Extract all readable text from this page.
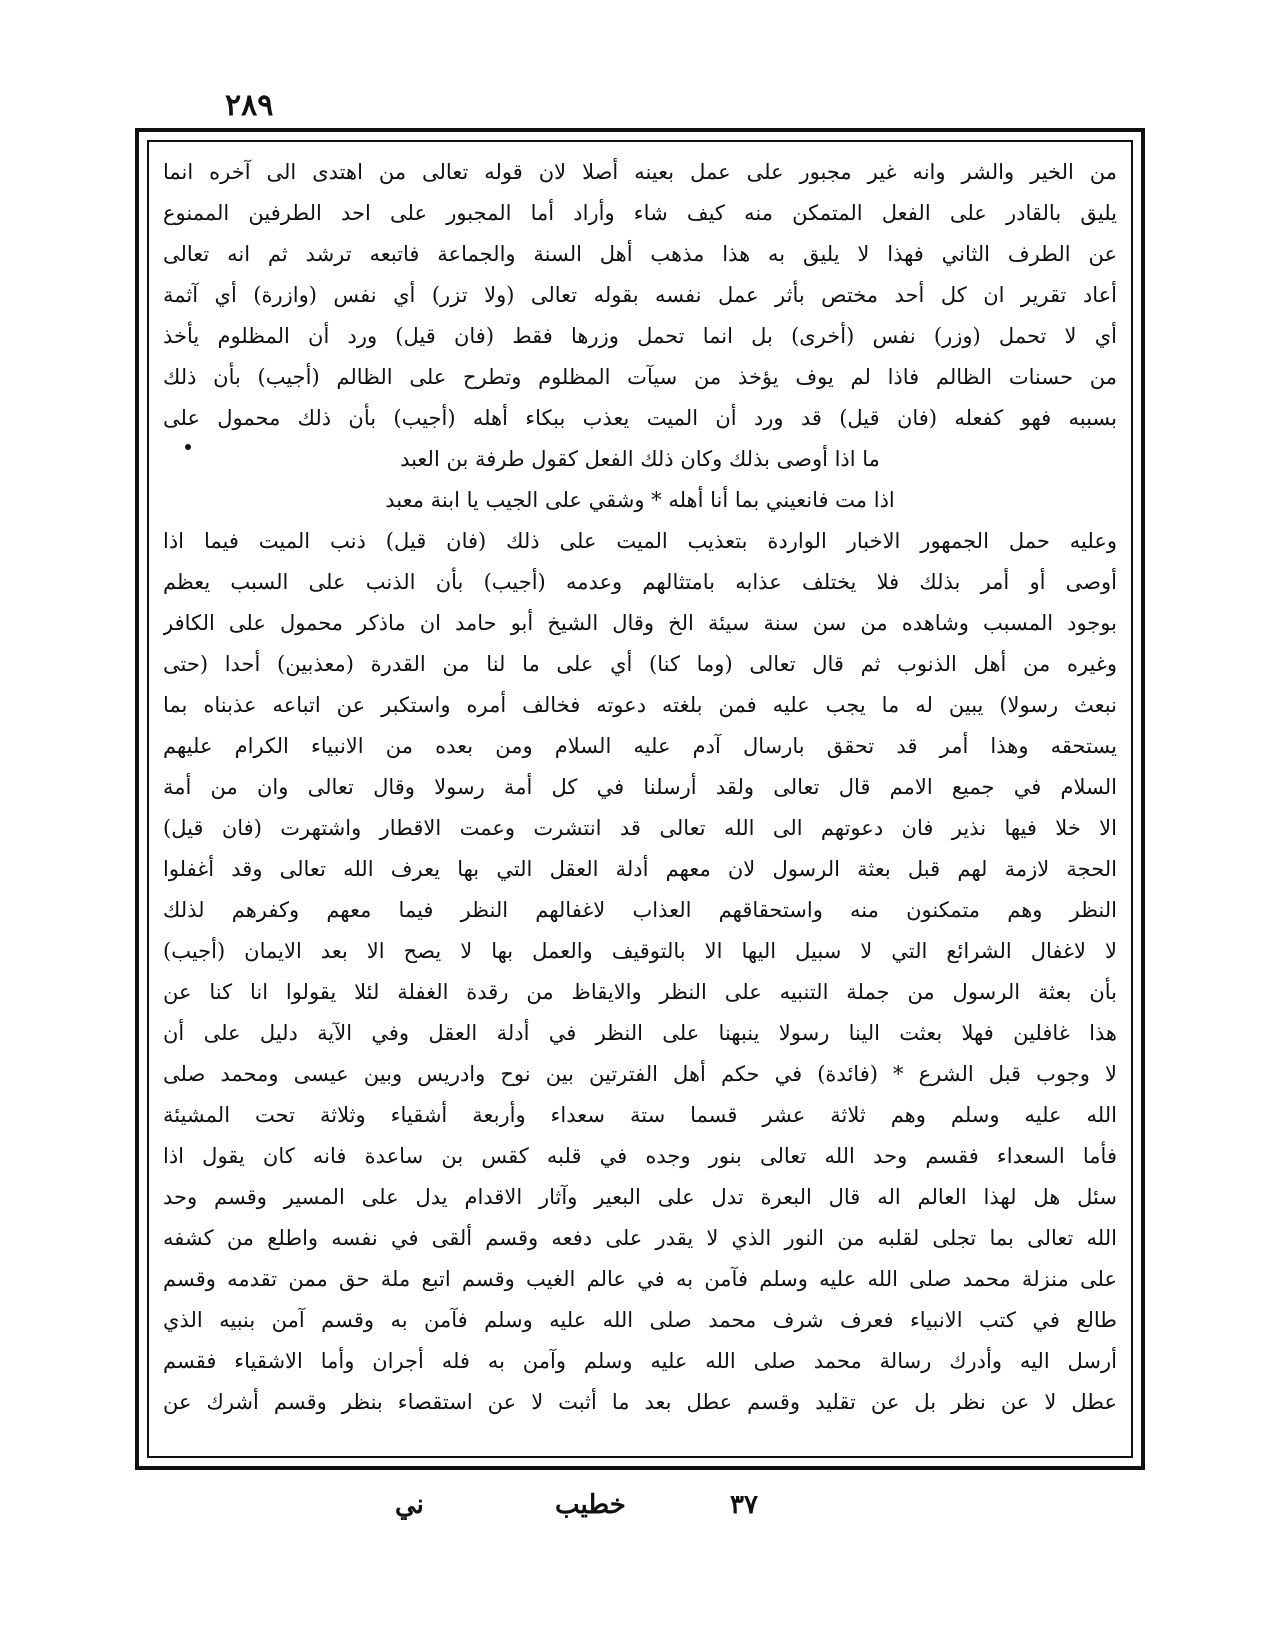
٢٨٩
من الخير والشر وانه غير مجبور على عمل بعينه أصلا لان قوله تعالى من اهتدى الى آخره انما
يليق بالقادر على الفعل المتمكن منه كيف شاء وأراد أما المجبور على احد الطرفين الممنوع
عن الطرف الثاني فهذا لا يليق به هذا مذهب أهل السنة والجماعة فاتبعه ترشد ثم انه تعالى
أعاد تقرير ان كل أحد مختص بأثر عمل نفسه بقوله تعالى (ولا تزر) أي نفس (وازرة) أي آثمة
أي لا تحمل (وزر) نفس (أخرى) بل انما تحمل وزرها فقط (فان قيل) ورد أن المظلوم يأخذ
من حسنات الظالم فاذا لم يوف يؤخذ من سيآت المظلوم وتطرح على الظالم (أجيب) بأن ذلك
بسببه فهو كفعله (فان قيل) قد ورد أن الميت يعذب ببكاء أهله (أجيب) بأن ذلك محمول على
ما اذا أوصى بذلك وكان ذلك الفعل كقول طرفة بن العبد
اذا مت فانعيني بما أنا أهله * وشقي على الجيب يا ابنة معبد
وعليه حمل الجمهور الاخبار الواردة بتعذيب الميت على ذلك (فان قيل) ذنب الميت فيما اذا
أوصى أو أمر بذلك فلا يختلف عذابه بامتثالهم وعدمه (أجيب) بأن الذنب على السبب يعظم
بوجود المسبب وشاهده من سن سنة سيئة الخ وقال الشيخ أبو حامد ان ماذكر محمول على الكافر
وغيره من أهل الذنوب ثم قال تعالى (وما كنا) أي على ما لنا من القدرة (معذبين) أحدا (حتى
نبعث رسولا) يبين له ما يجب عليه فمن بلغته دعوته فخالف أمره واستكبر عن اتباعه عذبناه بما
يستحقه وهذا أمر قد تحقق بارسال آدم عليه السلام ومن بعده من الانبياء الكرام عليهم
السلام في جميع الامم قال تعالى ولقد أرسلنا في كل أمة رسولا وقال تعالى وان من أمة
الا خلا فيها نذير فان دعوتهم الى الله تعالى قد انتشرت وعمت الاقطار واشتهرت (فان قيل)
الحجة لازمة لهم قبل بعثة الرسول لان معهم أدلة العقل التي بها يعرف الله تعالى وقد أغفلوا
النظر وهم متمكنون منه واستحقاقهم العذاب لاغفالهم النظر فيما معهم وكفرهم لذلك
لا لاغفال الشرائع التي لا سبيل اليها الا بالتوقيف والعمل بها لا يصح الا بعد الايمان (أجيب)
بأن بعثة الرسول من جملة التنبيه على النظر والايقاظ من رقدة الغفلة لئلا يقولوا انا كنا عن
هذا غافلين فهلا بعثت الينا رسولا ينبهنا على النظر في أدلة العقل وفي الآية دليل على أن
لا وجوب قبل الشرع * (فائدة) في حكم أهل الفترتين بين نوح وادريس وبين عيسى ومحمد صلى
الله عليه وسلم وهم ثلاثة عشر قسما ستة سعداء وأربعة أشقياء وثلاثة تحت المشيئة
فأما السعداء فقسم وحد الله تعالى بنور وجده في قلبه كقس بن ساعدة فانه كان يقول اذا
سئل هل لهذا العالم اله قال البعرة تدل على البعير وآثار الاقدام يدل على المسير وقسم وحد
الله تعالى بما تجلى لقلبه من النور الذي لا يقدر على دفعه وقسم ألقى في نفسه واطلع من كشفه
على منزلة محمد صلى الله عليه وسلم فآمن به في عالم الغيب وقسم اتبع ملة حق ممن تقدمه وقسم
طالع في كتب الانبياء فعرف شرف محمد صلى الله عليه وسلم فآمن به وقسم آمن بنبيه الذي
أرسل اليه وأدرك رسالة محمد صلى الله عليه وسلم وآمن به فله أجران وأما الاشقياء فقسم
عطل لا عن نظر بل عن تقليد وقسم عطل بعد ما أثبت لا عن استقصاء بنظر وقسم أشرك عن
٣٧
خطيب
ني
